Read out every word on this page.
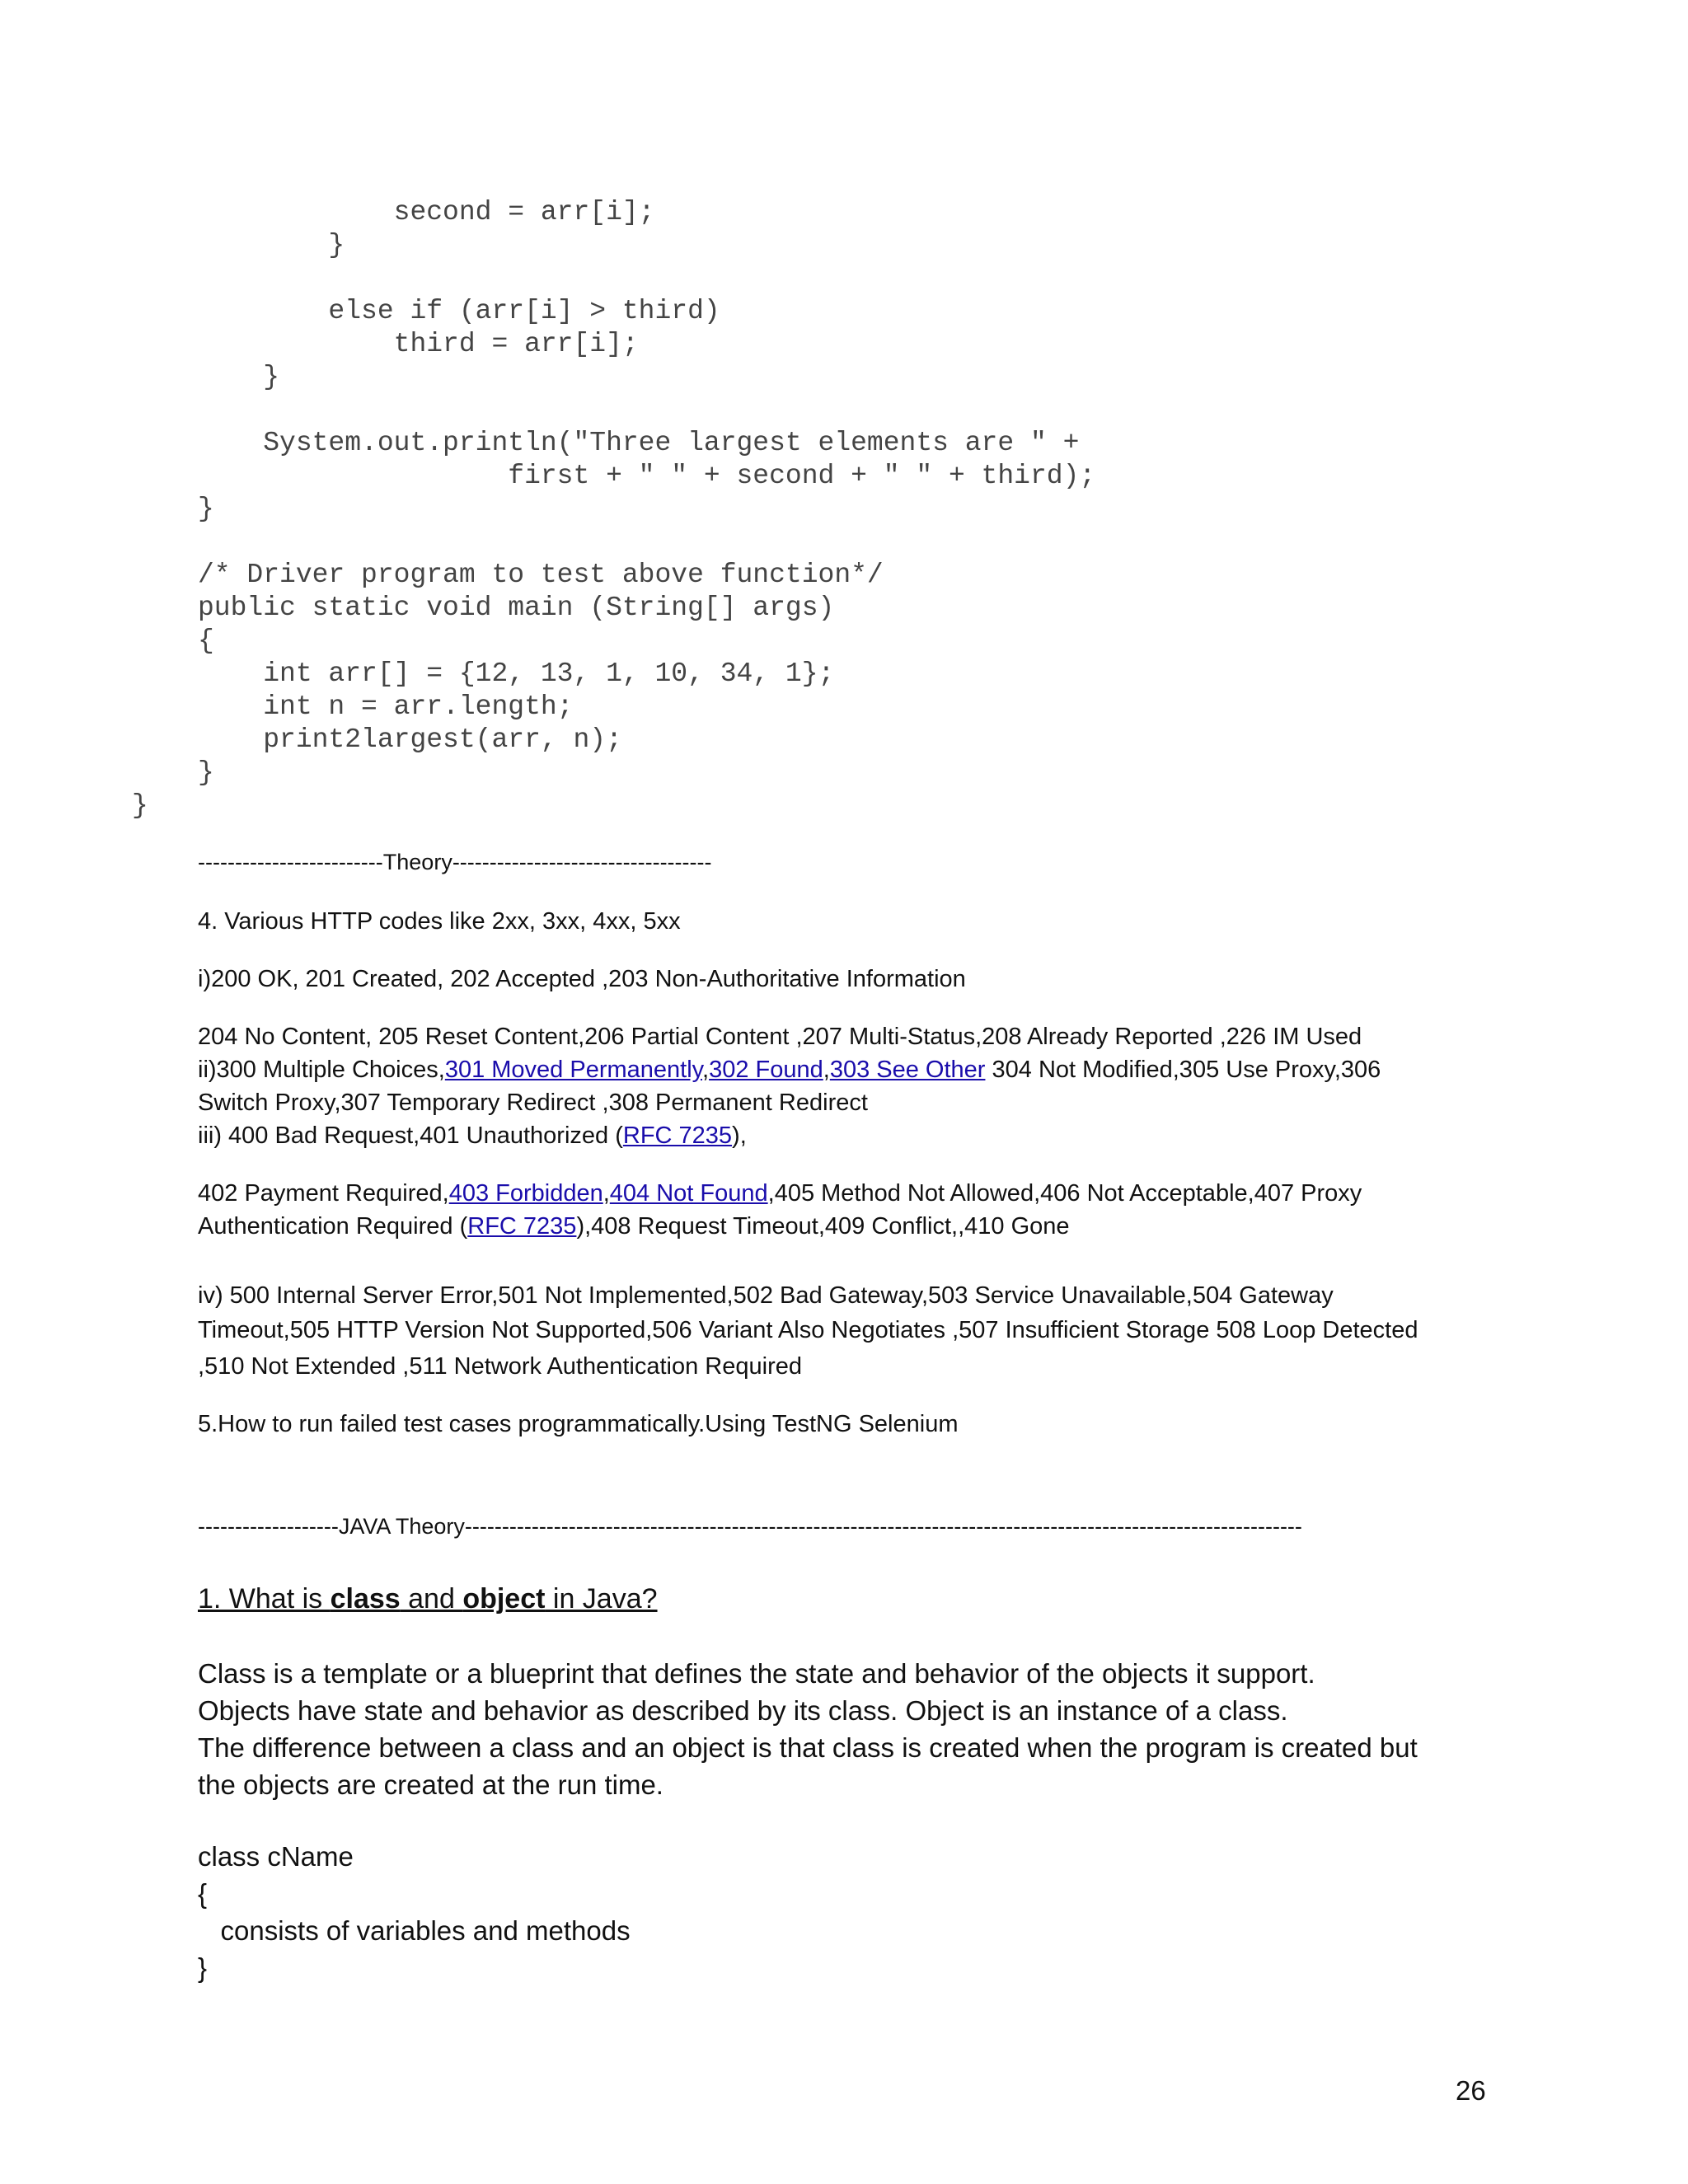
second = arr[i];
}

else if (arr[i] > third)
third = arr[i];
}

System.out.println("Three largest elements are " +
first + " " + second + " " + third);
}

/* Driver program to test above function*/
public static void main (String[] args)
{
int arr[] = {12, 13, 1, 10, 34, 1};
int n = arr.length;
print2largest(arr, n);
}
}

-------------------------Theory-----------------------------------

4. Various HTTP codes like 2xx, 3xx, 4xx, 5xx

i)200 OK, 201 Created, 202 Accepted ,203 Non-Authoritative Information

204 No Content, 205 Reset Content,206 Partial Content ,207 Multi-Status,208 Already Reported ,226 IM Used

ii)300 Multiple Choices,301 Moved Permanently,302 Found,303 See Other 304 Not Modified,305 Use Proxy,306

Switch Proxy,307 Temporary Redirect ,308 Permanent Redirect

iii) 400 Bad Request,401 Unauthorized (RFC 7235),

402 Payment Required,403 Forbidden,404 Not Found,405 Method Not Allowed,406 Not Acceptable,407 Proxy

Authentication Required (RFC 7235),408 Request Timeout,409 Conflict,,410 Gone

iv) 500 Internal Server Error,501 Not Implemented,502 Bad Gateway,503 Service Unavailable,504 Gateway

Timeout,505 HTTP Version Not Supported,506 Variant Also Negotiates ,507 Insufficient Storage 508 Loop Detected

,510 Not Extended ,511 Network Authentication Required

5.How to run failed test cases programmatically.Using TestNG Selenium

-------------------JAVA Theory-----------------------------------------------------------------------------------------------------------------

1. What is class and object in Java?

Class is a template or a blueprint that defines the state and behavior of the objects it support.

Objects have state and behavior as described by its class. Object is an instance of a class.

The difference between a class and an object is that class is created when the program is created but

the objects are created at the run time.

class cName

{

consists of variables and methods

}

26
